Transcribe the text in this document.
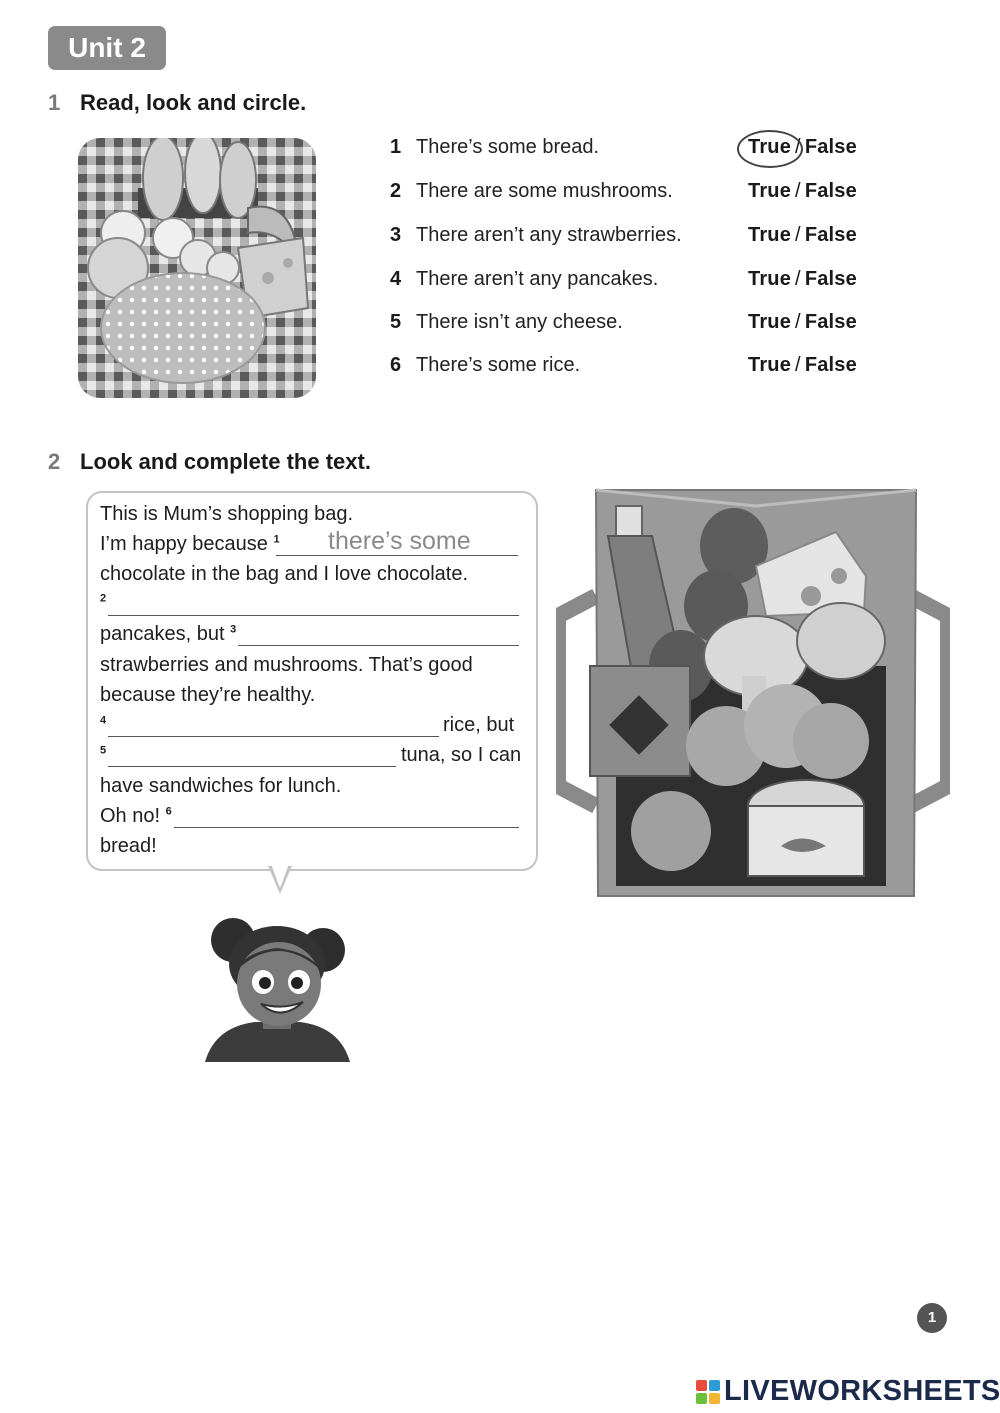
Unit 2
1 Read, look and circle.
1 There’s some bread.	True / False
2 There are some mushrooms.	True / False
3 There aren’t any strawberries.	True / False
4 There aren’t any pancakes.	True / False
5 There isn’t any cheese.	True / False
6 There’s some rice.	True / False
2 Look and complete the text.
This is Mum’s shopping bag.
I’m happy because $^1$ there’s some
chocolate in the bag and I love chocolate.
$^2$
pancakes, but $^3$
strawberries and mushrooms. That’s good
because they’re healthy.
$^4$	rice, but
$^5$	tuna, so I can
have sandwiches for lunch.
Oh no! $^6$
bread!
1
LIVEWORKSHEETS
